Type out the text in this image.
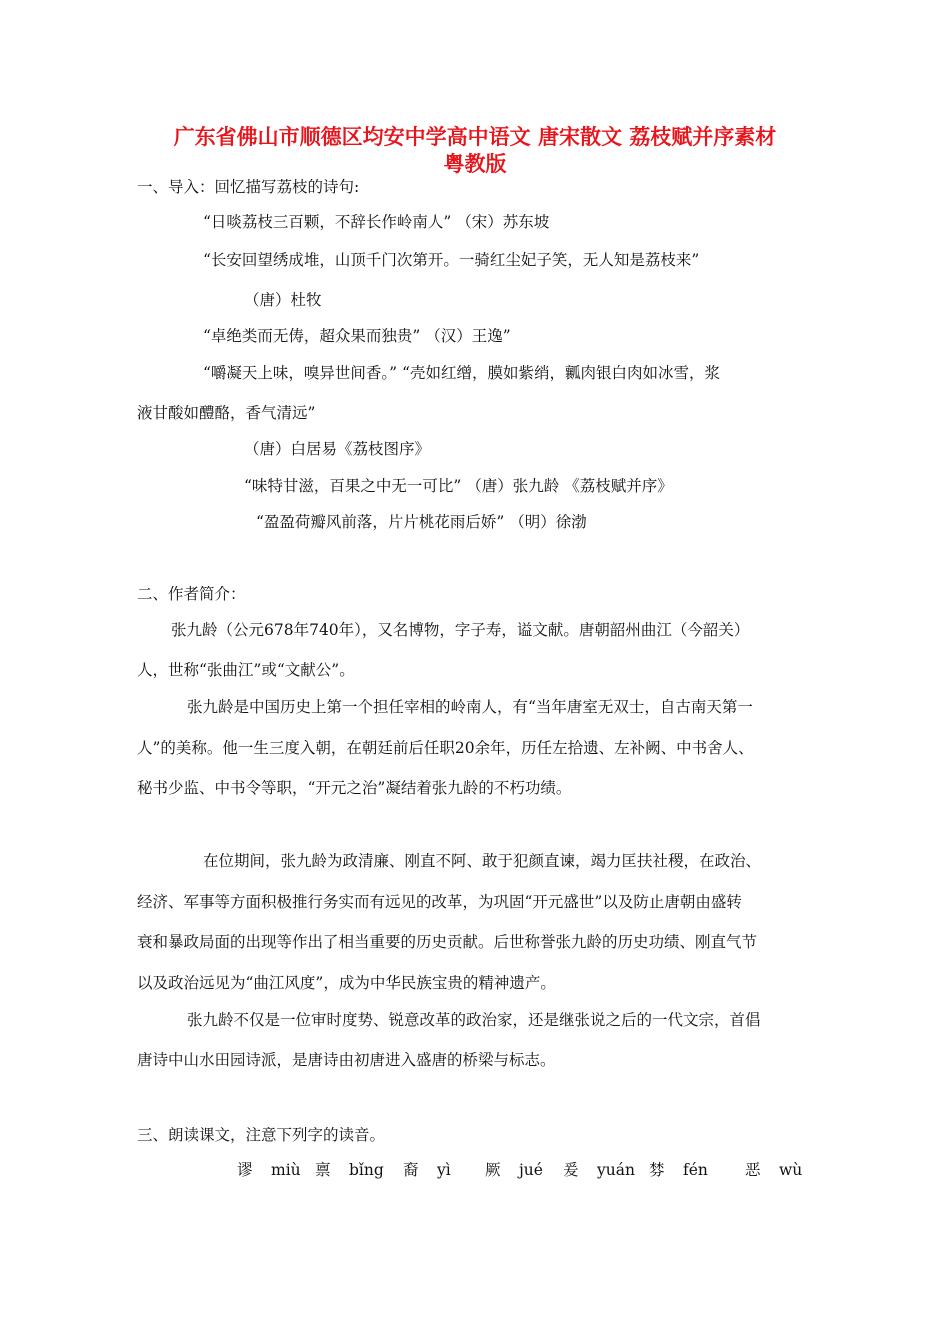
广东省佛山市顺德区均安中学高中语文 唐宋散文 荔枝赋并序素材
粤教版

一、导入：回忆描写荔枝的诗句:

“日啖荔枝三百颗，不辞长作岭南人” （宋）苏东坡

“长安回望绣成堆，山顶千门次第开。一骑红尘妃子笑，无人知是荔枝来”

（唐）杜牧

“卓绝类而无俦，超众果而独贵” （汉）王逸”

“嚼凝天上味，嗅异世间香。” “壳如红缯，膜如紫绡，瓤肉银白肉如冰雪，浆

液甘酸如醴酪，香气清远”

（唐）白居易《荔枝图序》

“味特甘滋，百果之中无一可比” （唐）张九龄 《荔枝赋并序》

“盈盈荷瓣风前落，片片桃花雨后娇” （明）徐渤

二、作者简介：

张九龄（公元678年740年），又名博物，字子寿，谥文献。唐朝韶州曲江（今韶关）

人，世称“张曲江”或“文献公”。

张九龄是中国历史上第一个担任宰相的岭南人，有“当年唐室无双士，自古南天第一

人”的美称。他一生三度入朝，在朝廷前后任职20余年，历任左拾遗、左补阙、中书舍人、

秘书少监、中书令等职，“开元之治”凝结着张九龄的不朽功绩。

在位期间，张九龄为政清廉、刚直不阿、敢于犯颜直谏，竭力匡扶社稷，在政治、

经济、军事等方面积极推行务实而有远见的改革，为巩固“开元盛世”以及防止唐朝由盛转

衰和暴政局面的出现等作出了相当重要的历史贡献。后世称誉张九龄的历史功绩、刚直气节

以及政治远见为“曲江风度”，成为中华民族宝贵的精神遗产。

张九龄不仅是一位审时度势、锐意改革的政治家，还是继张说之后的一代文宗，首倡

唐诗中山水田园诗派，是唐诗由初唐进入盛唐的桥梁与标志。

三、朗读课文，注意下列字的读音。

谬 miù 禀 bǐng 裔 yì 厥 jué 爰 yuán 棼 fén 恶 wù
